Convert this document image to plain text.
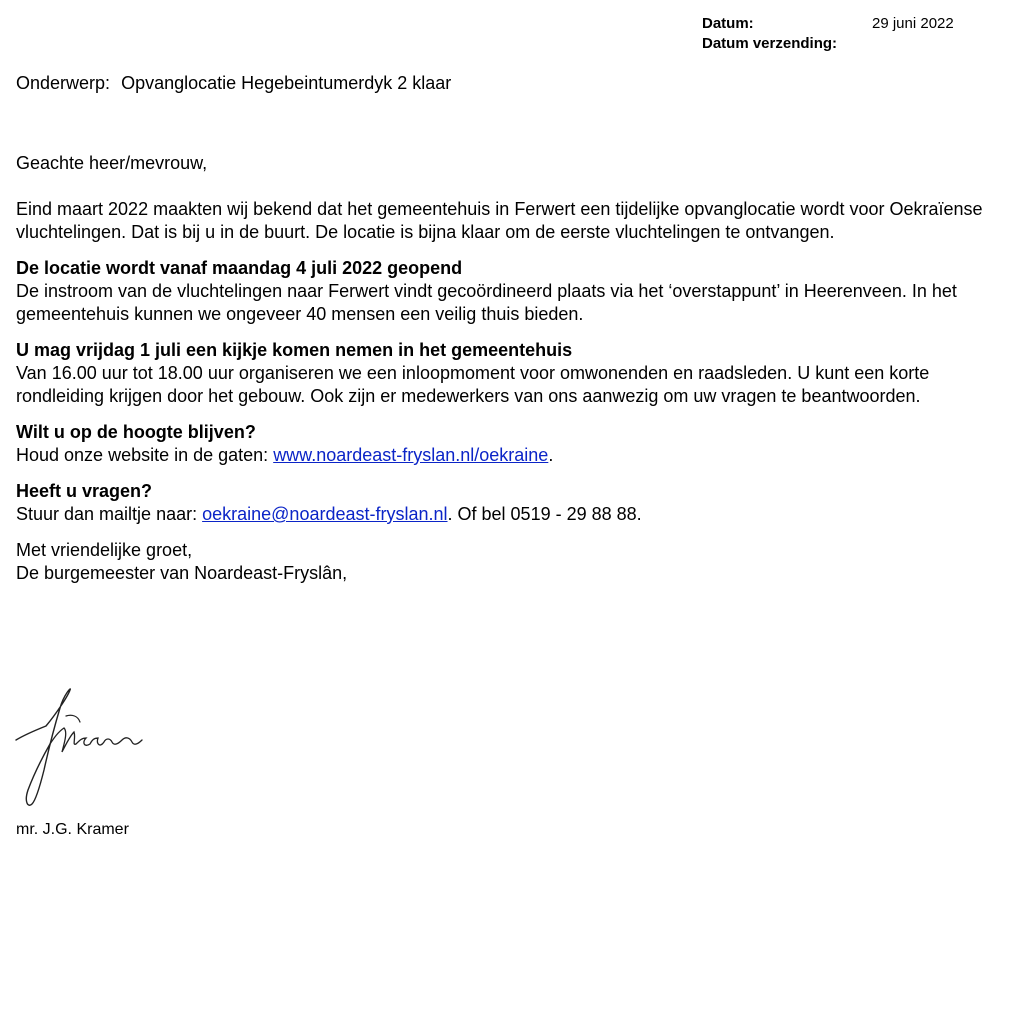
Datum:	29 juni 2022
Datum verzending:

Onderwerp: Opvanglocatie Hegebeintumerdyk 2 klaar

Geachte heer/mevrouw,

Eind maart 2022 maakten wij bekend dat het gemeentehuis in Ferwert een tijdelijke opvanglocatie wordt voor Oekraïense vluchtelingen. Dat is bij u in de buurt. De locatie is bijna klaar om de eerste vluchtelingen te ontvangen.

De locatie wordt vanaf maandag 4 juli 2022 geopend

De instroom van de vluchtelingen naar Ferwert vindt gecoördineerd plaats via het ‘overstappunt’ in Heerenveen. In het gemeentehuis kunnen we ongeveer 40 mensen een veilig thuis bieden.

U mag vrijdag 1 juli een kijkje komen nemen in het gemeentehuis

Van 16.00 uur tot 18.00 uur organiseren we een inloopmoment voor omwonenden en raadsleden. U kunt een korte rondleiding krijgen door het gebouw. Ook zijn er medewerkers van ons aanwezig om uw vragen te beantwoorden.

Wilt u op de hoogte blijven?

Houd onze website in de gaten: www.noardeast-fryslan.nl/oekraine.

Heeft u vragen?

Stuur dan mailtje naar: oekraine@noardeast-fryslan.nl. Of bel 0519 - 29 88 88.

Met vriendelijke groet,

De burgemeester van Noardeast-Fryslân,

mr. J.G. Kramer
